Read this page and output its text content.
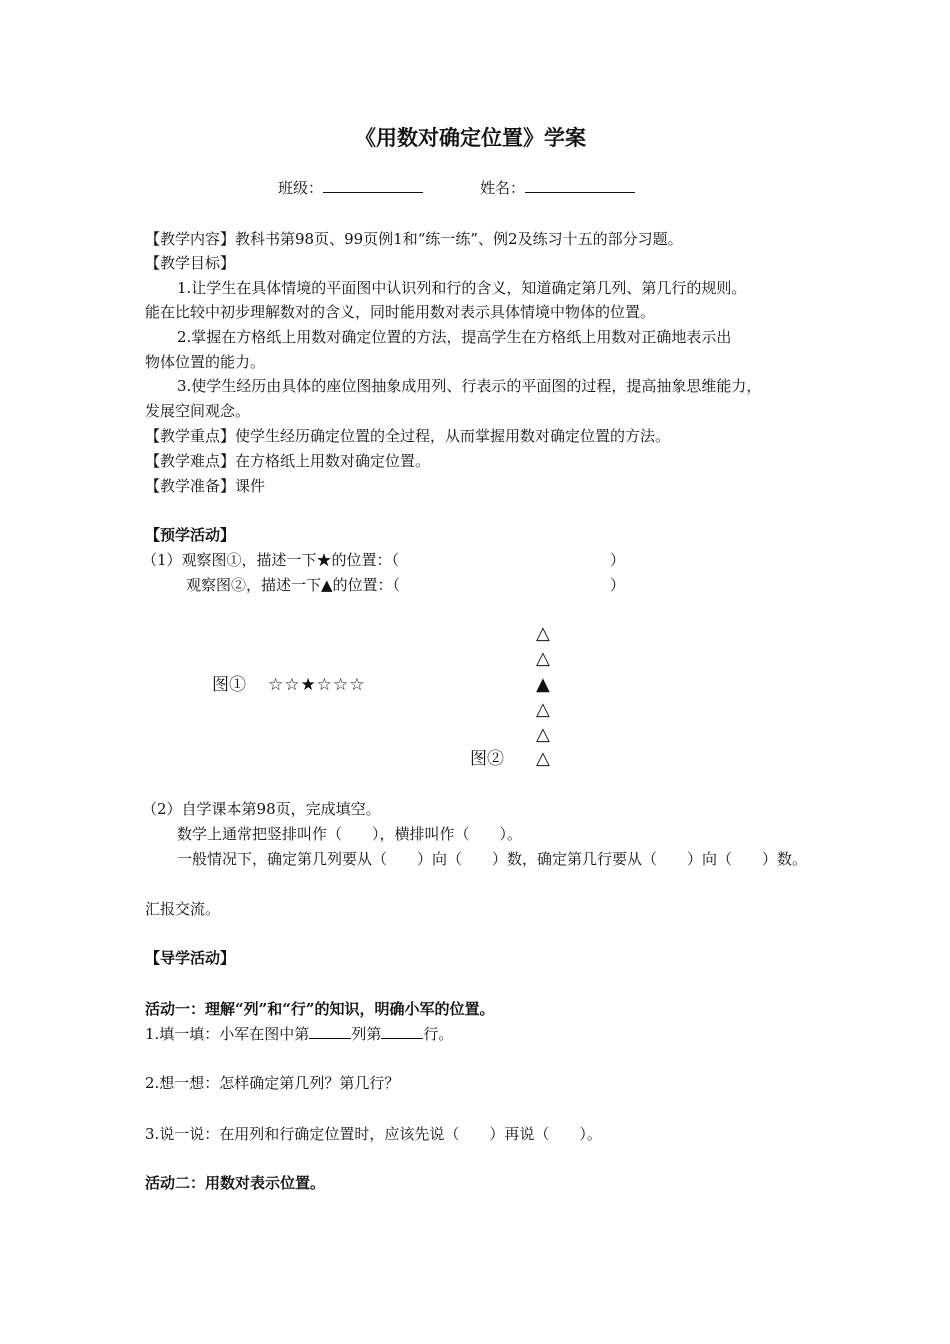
《用数对确定位置》学案
班级：	姓名：
【教学内容】教科书第98页、99页例1和“练一练”、例2及练习十五的部分习题。
【教学目标】
1.让学生在具体情境的平面图中认识列和行的含义，知道确定第几列、第几行的规则。
能在比较中初步理解数对的含义，同时能用数对表示具体情境中物体的位置。
2.掌握在方格纸上用数对确定位置的方法，提高学生在方格纸上用数对正确地表示出
物体位置的能力。
3.使学生经历由具体的座位图抽象成用列、行表示的平面图的过程，提高抽象思维能力，
发展空间观念。
【教学重点】使学生经历确定位置的全过程，从而掌握用数对确定位置的方法。
【教学难点】在方格纸上用数对确定位置。
【教学准备】课件
【预学活动】
（1）观察图①，描述一下★的位置：（	）
观察图②，描述一下▲的位置：（	）
图① ☆☆★☆☆☆
△
△
▲
△
△
△
图②
（2）自学课本第98页，完成填空。
数学上通常把竖排叫作（　　），横排叫作（　　）。
一般情况下，确定第几列要从（　　）向（　　）数，确定第几行要从（　　）向（　　）数。
汇报交流。
【导学活动】
活动一：理解“列”和“行”的知识，明确小军的位置。
1.填一填：小军在图中第	列第	行。
2.想一想：怎样确定第几列？第几行？
3.说一说：在用列和行确定位置时，应该先说（　　）再说（　　）。
活动二：用数对表示位置。
